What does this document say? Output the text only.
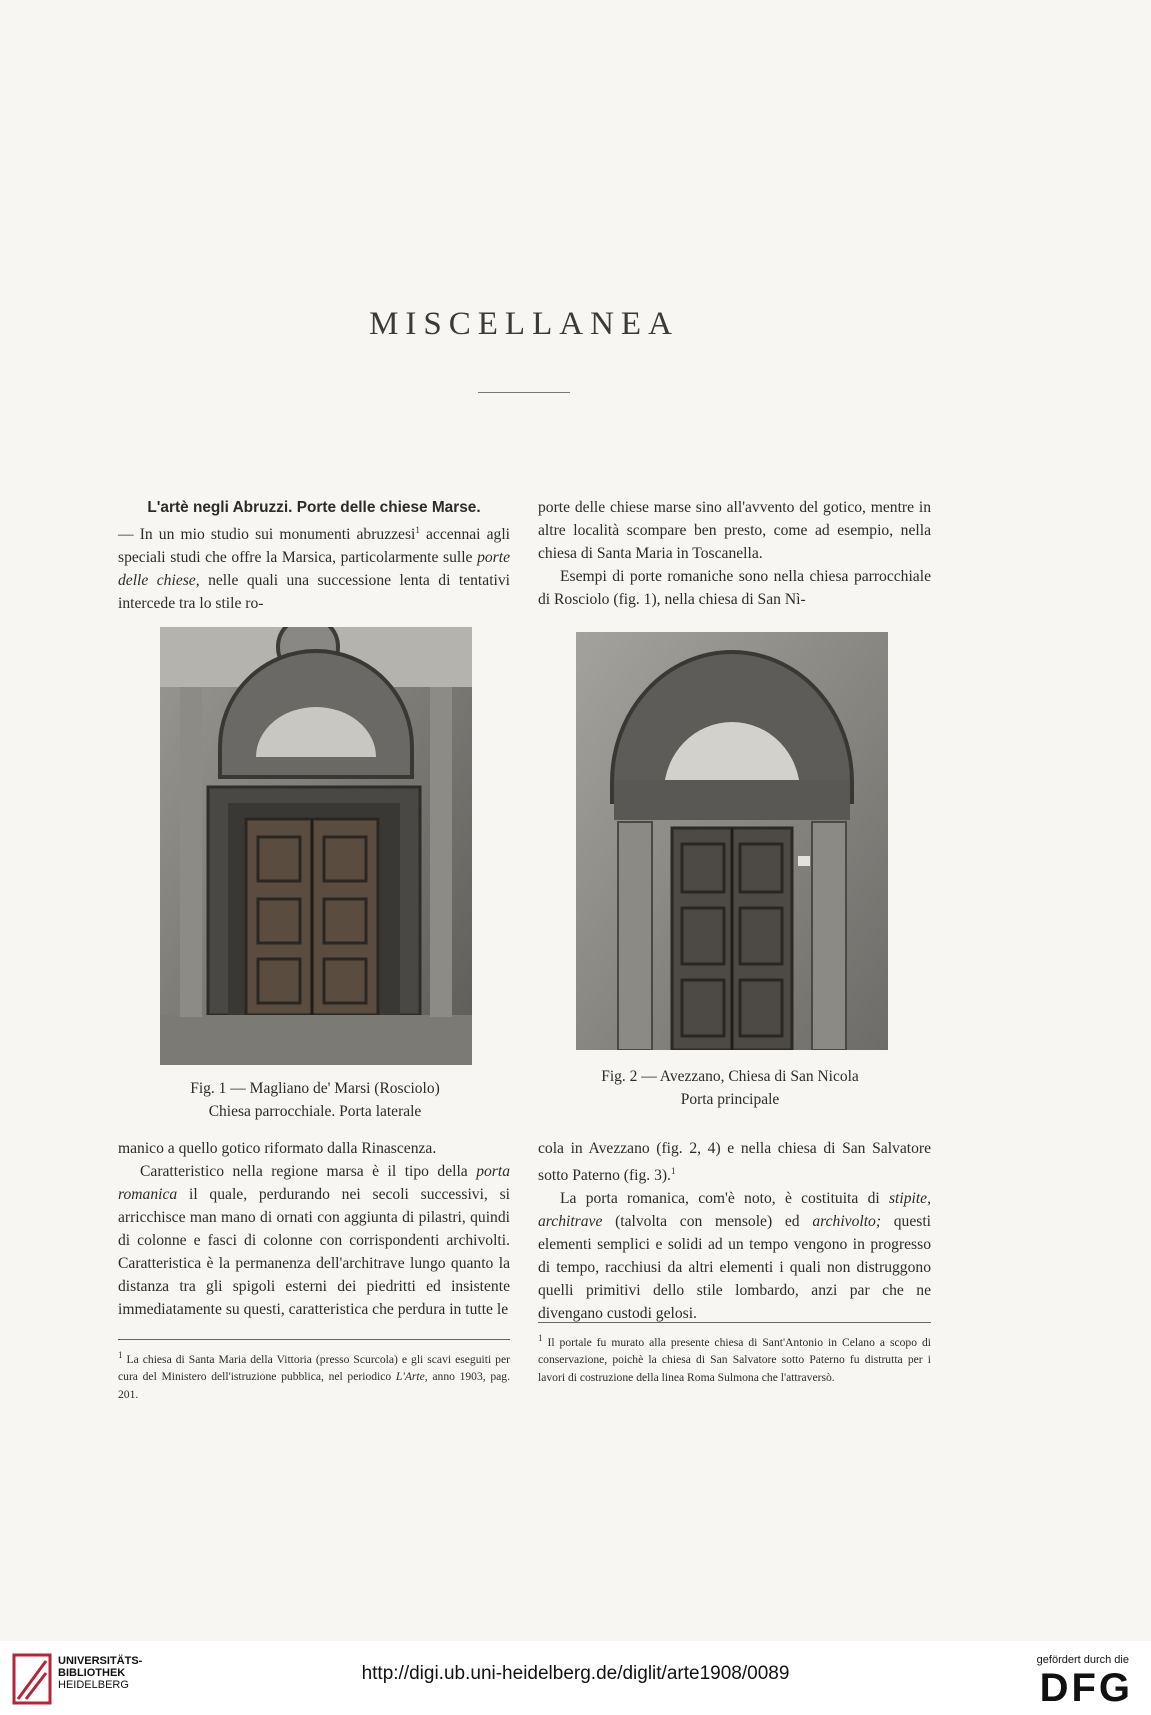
MISCELLANEA

L'artè negli Abruzzi. Porte delle chiese Marse.

— In un mio studio sui monumenti abruzzesi$^1$ accennai agli speciali studi che offre la Marsica, particolarmente sulle porte delle chiese, nelle quali una successione lenta di tentativi intercede tra lo stile ro-

porte delle chiese marse sino all'avvento del gotico, mentre in altre località scompare ben presto, come ad esempio, nella chiesa di Santa Maria in Toscanella.

Esempi di porte romaniche sono nella chiesa parrocchiale di Rosciolo (fig. 1), nella chiesa di San Nì-

Fig. 1 — Magliano de' Marsi (Rosciolo)
Chiesa parrocchiale. Porta laterale
Fig. 2 — Avezzano, Chiesa di San Nicola
Porta principale

manico a quello gotico riformato dalla Rinascenza.

Caratteristico nella regione marsa è il tipo della porta romanica il quale, perdurando nei secoli successivi, si arricchisce man mano di ornati con aggiunta di pilastri, quindi di colonne e fasci di colonne con corrispondenti archivolti. Caratteristica è la permanenza dell'architrave lungo quanto la distanza tra gli spigoli esterni dei piedritti ed insistente immediatamente su questi, caratteristica che perdura in tutte le

cola in Avezzano (fig. 2, 4) e nella chiesa di San Salvatore sotto Paterno (fig. 3).$^1$

La porta romanica, com'è noto, è costituita di stipite, architrave (talvolta con mensole) ed archivolto; questi elementi semplici e solidi ad un tempo vengono in progresso di tempo, racchiusi da altri elementi i quali non distruggono quelli primitivi dello stile lombardo, anzi par che ne divengano custodi gelosi.

$^1$ La chiesa di Santa Maria della Vittoria (presso Scurcola) e gli scavi eseguiti per cura del Ministero dell'istruzione pubblica, nel periodico L'Arte, anno 1903, pag. 201.
$^1$ Il portale fu murato alla presente chiesa di Sant'Antonio in Celano a scopo di conservazione, poichè la chiesa di San Salvatore sotto Paterno fu distrutta per i lavori di costruzione della linea Roma Sulmona che l'attraversò.
UNIVERSITÄTS-
BIBLIOTHEK
HEIDELBERG
http://digi.ub.uni-heidelberg.de/diglit/arte1908/0089
gefördert durch die
DFG
